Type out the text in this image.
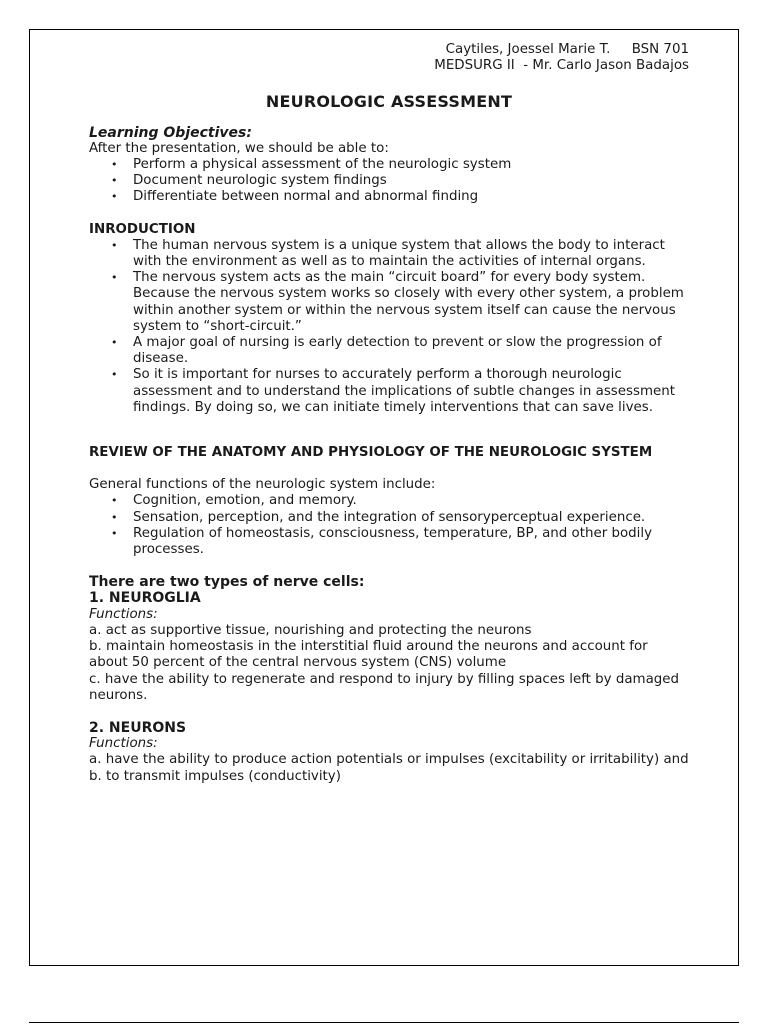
Caytiles, Joessel Marie T.     BSN 701
MEDSURG II  - Mr. Carlo Jason Badajos
NEUROLOGIC ASSESSMENT
Learning Objectives:
After the presentation, we should be able to:
• Perform a physical assessment of the neurologic system
• Document neurologic system findings
• Differentiate between normal and abnormal finding
INRODUCTION
• The human nervous system is a unique system that allows the body to interact with the environment as well as to maintain the activities of internal organs.
• The nervous system acts as the main “circuit board” for every body system. Because the nervous system works so closely with every other system, a problem within another system or within the nervous system itself can cause the nervous system to “short-circuit.”
• A major goal of nursing is early detection to prevent or slow the progression of disease.
• So it is important for nurses to accurately perform a thorough neurologic assessment and to understand the implications of subtle changes in assessment findings. By doing so, we can initiate timely interventions that can save lives.
REVIEW OF THE ANATOMY AND PHYSIOLOGY OF THE NEUROLOGIC SYSTEM
General functions of the neurologic system include:
• Cognition, emotion, and memory.
• Sensation, perception, and the integration of sensoryperceptual experience.
• Regulation of homeostasis, consciousness, temperature, BP, and other bodily processes.
There are two types of nerve cells:
1. NEUROGLIA
Functions:
a. act as supportive tissue, nourishing and protecting the neurons
b. maintain homeostasis in the interstitial fluid around the neurons and account for about 50 percent of the central nervous system (CNS) volume
c. have the ability to regenerate and respond to injury by filling spaces left by damaged neurons.
2. NEURONS
Functions:
a. have the ability to produce action potentials or impulses (excitability or irritability) and
b. to transmit impulses (conductivity)
